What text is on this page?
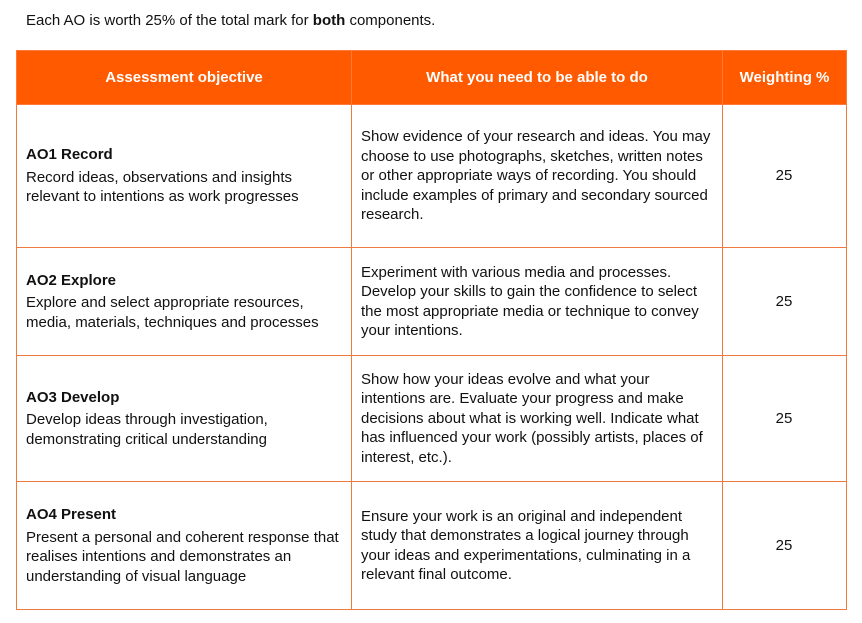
Each AO is worth 25% of the total mark for both components.
Assessment objective	What you need to be able to do	Weighting %

AO1 Record
Record ideas, observations and insights relevant to intentions as work progresses	Show evidence of your research and ideas. You may choose to use photographs, sketches, written notes or other appropriate ways of recording. You should include examples of primary and secondary sourced research.	25

AO2 Explore
Explore and select appropriate resources, media, materials, techniques and processes	Experiment with various media and processes. Develop your skills to gain the confidence to select the most appropriate media or technique to convey your intentions.	25

AO3 Develop
Develop ideas through investigation, demonstrating critical understanding	Show how your ideas evolve and what your intentions are. Evaluate your progress and make decisions about what is working well. Indicate what has influenced your work (possibly artists, places of interest, etc.).	25

AO4 Present
Present a personal and coherent response that realises intentions and demonstrates an understanding of visual language	Ensure your work is an original and independent study that demonstrates a logical journey through your ideas and experimentations, culminating in a relevant final outcome.	25
